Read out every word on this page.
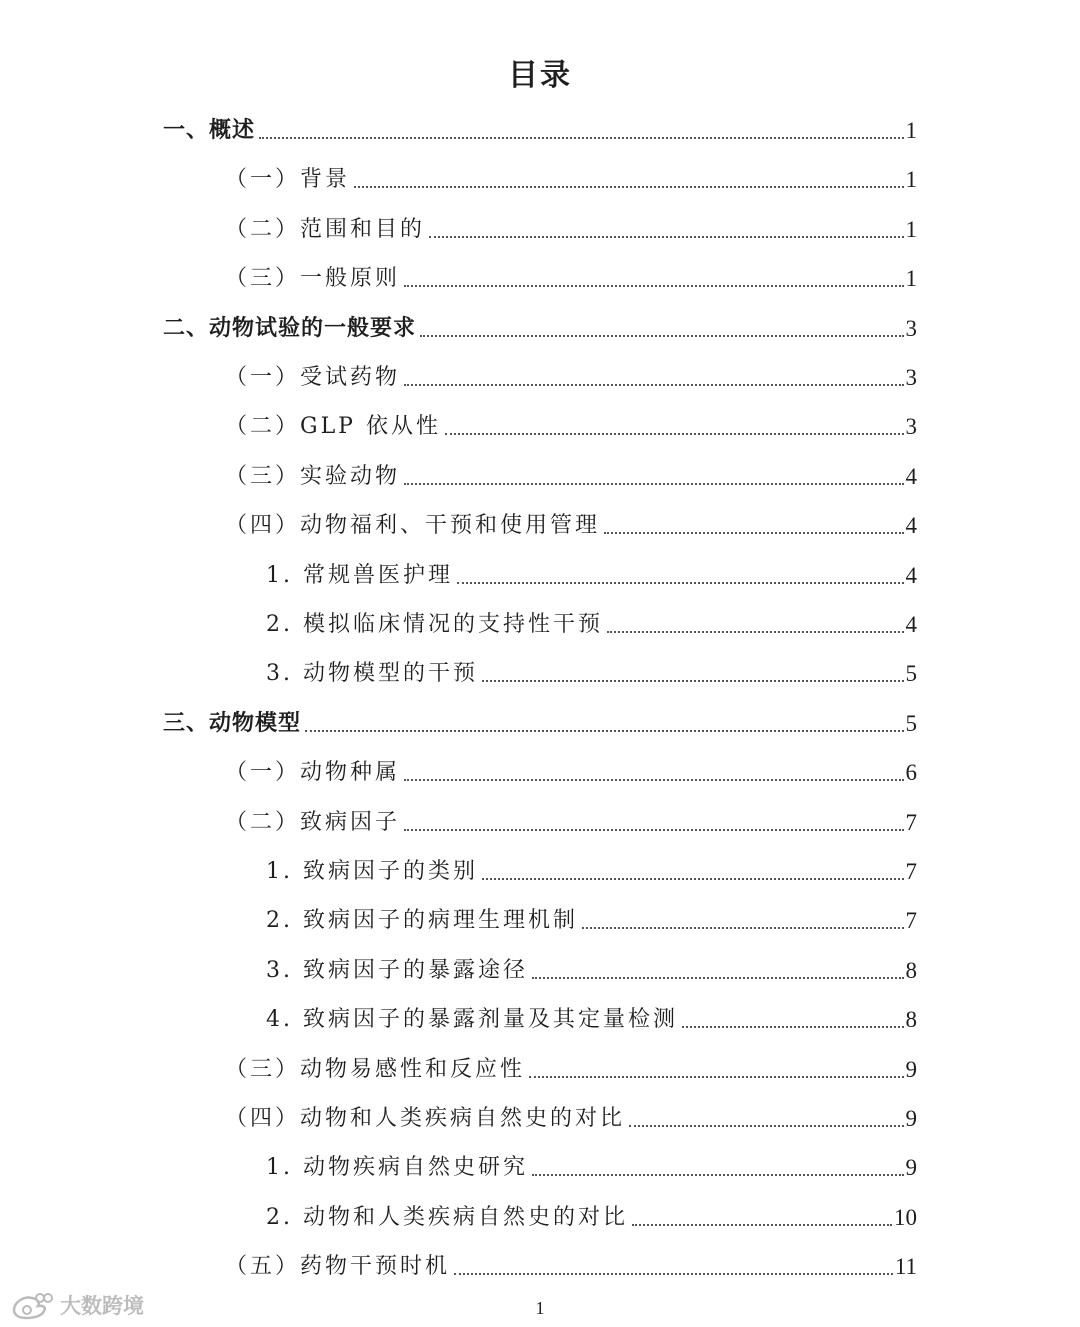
目录
一、概述	1
（一）背景	1
（二）范围和目的	1
（三）一般原则	1
二、动物试验的一般要求	3
（一）受试药物	3
（二）GLP 依从性	3
（三）实验动物	4
（四）动物福利、干预和使用管理	4
1. 常规兽医护理	4
2. 模拟临床情况的支持性干预	4
3. 动物模型的干预	5
三、动物模型	5
（一）动物种属	6
（二）致病因子	7
1. 致病因子的类别	7
2. 致病因子的病理生理机制	7
3. 致病因子的暴露途径	8
4. 致病因子的暴露剂量及其定量检测	8
（三）动物易感性和反应性	9
（四）动物和人类疾病自然史的对比	9
1. 动物疾病自然史研究	9
2. 动物和人类疾病自然史的对比	10
（五）药物干预时机	11
1
大数跨境
